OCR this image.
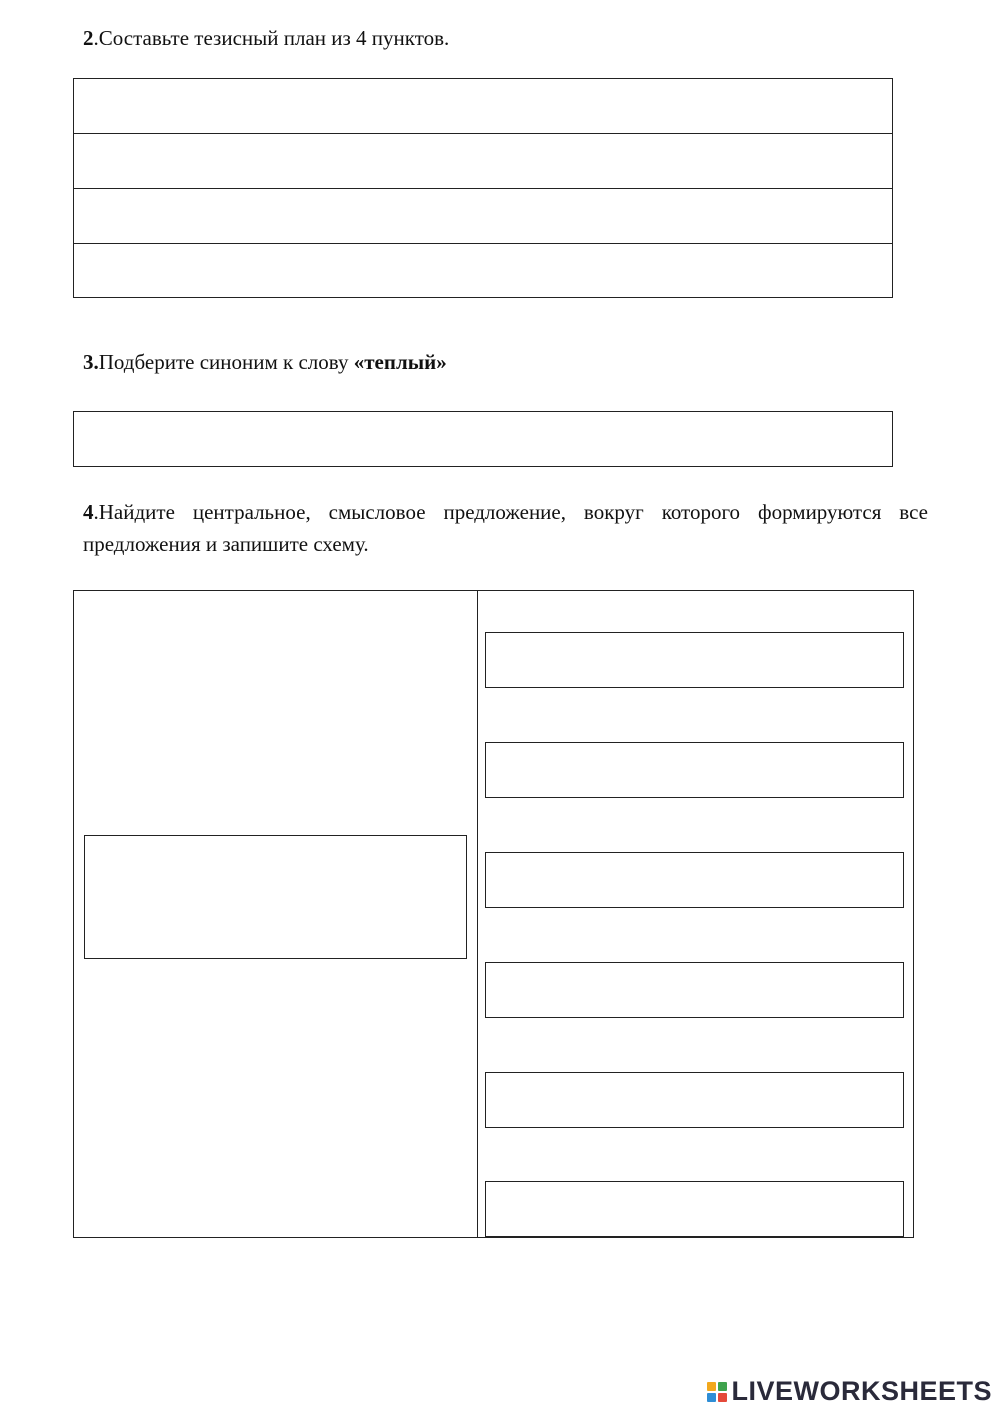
2.Составьте тезисный план из 4 пунктов.

3.Подберите синоним к слову «теплый»

4.Найдите центральное, смысловое предложение, вокруг которого формируются все предложения и запишите схему.

LIVEWORKSHEETS
